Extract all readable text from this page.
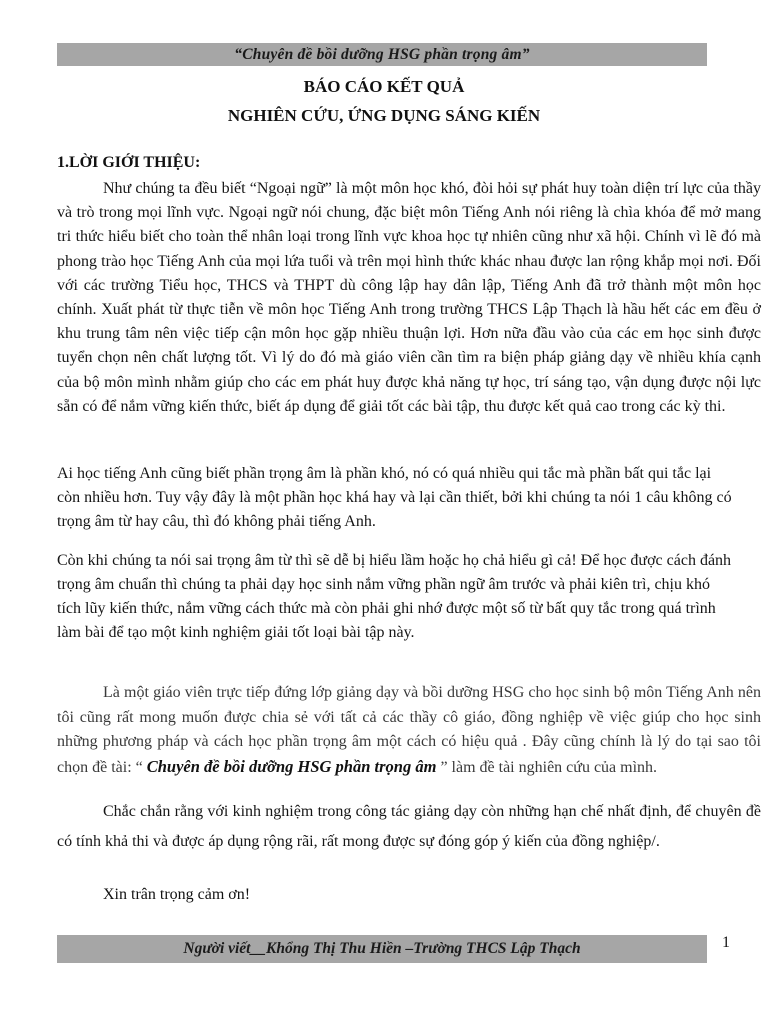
“Chuyên đề bồi dưỡng HSG phần trọng âm”
BÁO CÁO KẾT QUẢ
NGHIÊN CỨU, ỨNG DỤNG SÁNG KIẾN
1.LỜI GIỚI THIỆU:
Như chúng ta đều biết “Ngoại ngữ” là một môn học khó, đòi hỏi sự phát huy toàn diện trí lực của thầy và trò trong mọi lĩnh vực. Ngoại ngữ nói chung, đặc biệt môn Tiếng Anh nói riêng là chìa khóa để mở mang tri thức hiểu biết cho toàn thể nhân loại trong lĩnh vực khoa học tự nhiên cũng như xã hội. Chính vì lẽ đó mà phong trào học Tiếng Anh của mọi lứa tuổi và trên mọi hình thức khác nhau được lan rộng khắp mọi nơi. Đối với các trường Tiểu học, THCS và THPT dù công lập hay dân lập, Tiếng Anh đã trở thành một môn học chính. Xuất phát từ thực tiễn về môn học Tiếng Anh trong trường THCS Lập Thạch là hầu hết các em đều ở khu trung tâm nên việc tiếp cận môn học gặp nhiều thuận lợi. Hơn nữa đầu vào của các em học sinh được tuyển chọn nên chất lượng tốt. Vì lý do đó mà giáo viên cần tìm ra biện pháp giảng dạy về nhiều khía cạnh của bộ môn mình nhằm giúp cho các em phát huy được khả năng tự học, trí sáng tạo, vận dụng được nội lực sẵn có để nắm vững kiến thức, biết áp dụng để giải tốt các bài tập, thu được kết quả cao trong các kỳ thi.
Ai học tiếng Anh cũng biết phần trọng âm là phần khó, nó có quá nhiều qui tắc mà phần bất qui tắc lại còn nhiều hơn. Tuy vậy đây là một phần học khá hay và lại cần thiết, bởi khi chúng ta nói 1 câu không có trọng âm từ hay câu, thì đó không phải tiếng Anh.
Còn khi chúng ta nói sai trọng âm từ thì sẽ dễ bị hiểu lầm hoặc họ chả hiểu gì cả! Để học được cách đánh trọng âm chuẩn thì chúng ta phải dạy học sinh nắm vững phần ngữ âm trước và phải kiên trì, chịu khó tích lũy kiến thức, nắm vững cách thức mà còn phải ghi nhớ được một số từ bất quy tắc trong quá trình làm bài để tạo một kinh nghiệm giải tốt loại bài tập này.
Là một giáo viên trực tiếp đứng lớp giảng dạy và bồi dưỡng HSG cho học sinh bộ môn Tiếng Anh nên tôi cũng rất mong muốn được chia sẻ với tất cả các thầy cô giáo, đồng nghiệp về việc giúp cho học sinh những phương pháp và cách học phần trọng âm một cách có hiệu quả . Đây cũng chính là lý do tại sao tôi chọn đề tài: “ Chuyên đề bồi dưỡng HSG phần trọng âm ” làm đề tài nghiên cứu của mình.
Chắc chắn rằng với kinh nghiệm trong công tác giảng dạy còn những hạn chế nhất định, để chuyên đề có tính khả thi và được áp dụng rộng rãi, rất mong được sự đóng góp ý kiến của đồng nghiệp/.
Xin trân trọng cảm ơn!
Người viết__Khổng Thị Thu Hiền –Trường THCS Lập Thạch	1
